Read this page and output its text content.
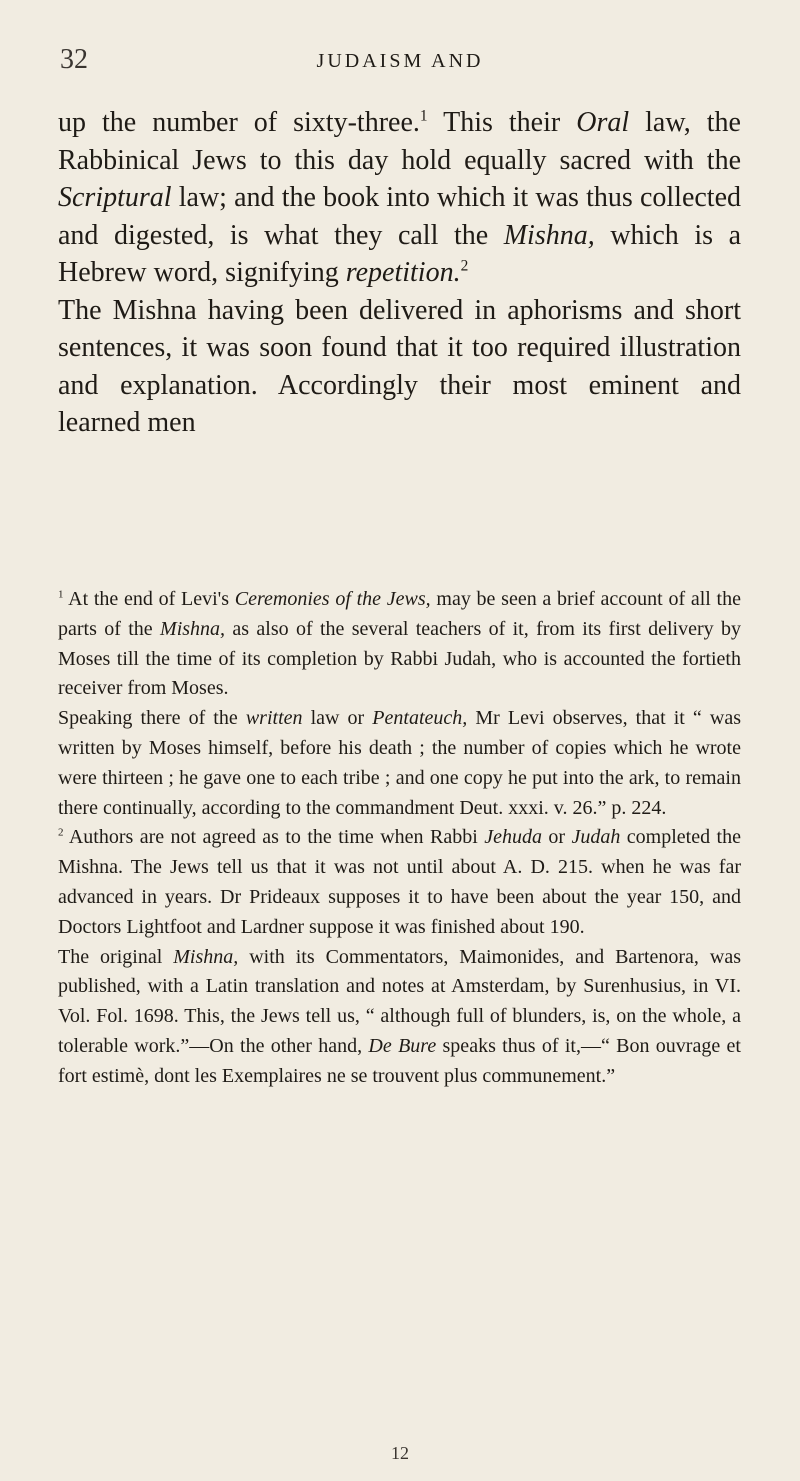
32	JUDAISM AND

up the number of sixty-three.$^1$ This their Oral law, the Rabbinical Jews to this day hold equally sacred with the Scriptural law; and the book into which it was thus collected and digested, is what they call the Mishna, which is a Hebrew word, signifying repetition.$^2$

The Mishna having been delivered in aphorisms and short sentences, it was soon found that it too required illustration and explanation. Accordingly their most eminent and learned men

$^1$ At the end of Levi's Ceremonies of the Jews, may be seen a brief account of all the parts of the Mishna, as also of the several teachers of it, from its first delivery by Moses till the time of its completion by Rabbi Judah, who is accounted the fortieth receiver from Moses.

Speaking there of the written law or Pentateuch, Mr Levi observes, that it “ was written by Moses himself, before his death ; the number of copies which he wrote were thirteen ; he gave one to each tribe ; and one copy he put into the ark, to remain there continually, according to the commandment Deut. xxxi. v. 26.” p. 224.

$^2$ Authors are not agreed as to the time when Rabbi Jehuda or Judah completed the Mishna. The Jews tell us that it was not until about A. D. 215. when he was far advanced in years. Dr Prideaux supposes it to have been about the year 150, and Doctors Lightfoot and Lardner suppose it was finished about 190.

The original Mishna, with its Commentators, Maimonides, and Bartenora, was published, with a Latin translation and notes at Amsterdam, by Surenhusius, in VI. Vol. Fol. 1698. This, the Jews tell us, “ although full of blunders, is, on the whole, a tolerable work.”—On the other hand, De Bure speaks thus of it,—“ Bon ouvrage et fort estimè, dont les Exemplaires ne se trouvent plus communement.”

12
